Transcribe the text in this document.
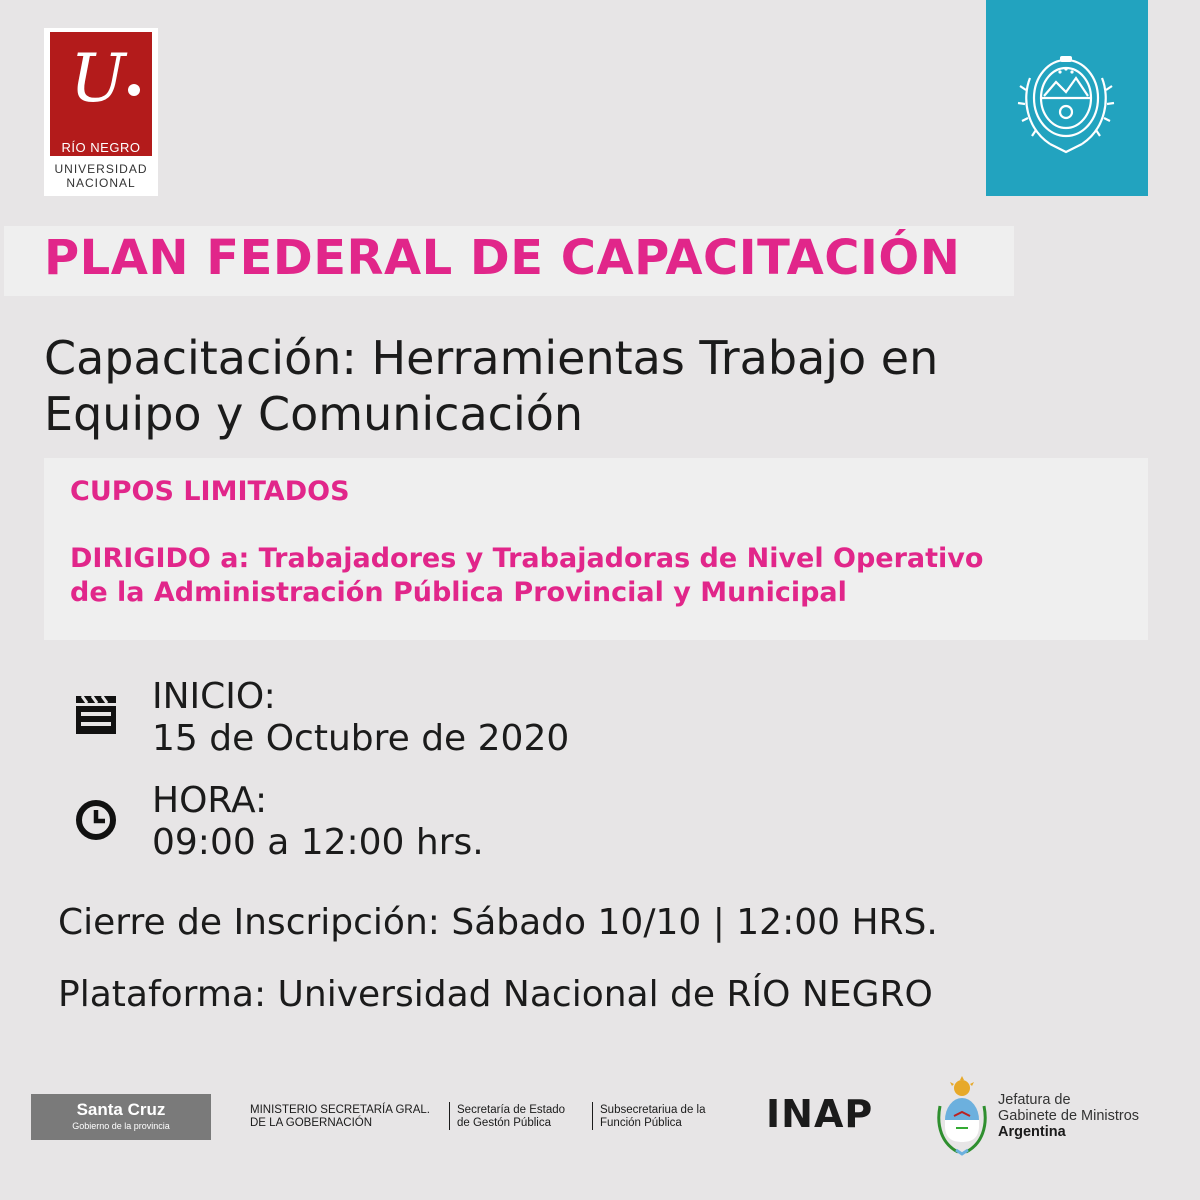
U
RÍO NEGRO
UNIVERSIDAD
NACIONAL
PLAN FEDERAL DE CAPACITACIÓN
Capacitación: Herramientas Trabajo en
Equipo y Comunicación
CUPOS LIMITADOS
DIRIGIDO a: Trabajadores y Trabajadoras de Nivel Operativo
de la Administración Pública Provincial y Municipal
INICIO:
15 de Octubre de 2020
HORA:
09:00 a 12:00 hrs.
Cierre de Inscripción: Sábado 10/10 | 12:00 HRS.
Plataforma: Universidad Nacional de RÍO NEGRO
Santa Cruz
Gobierno de la provincia
MINISTERIO SECRETARÍA GRAL.
DE LA GOBERNACIÓN
Secretaría de Estado
de Gestón Pública
Subsecretariua de la
Función Pública	INAP	Jefatura de
Gabinete de Ministros
Argentina
